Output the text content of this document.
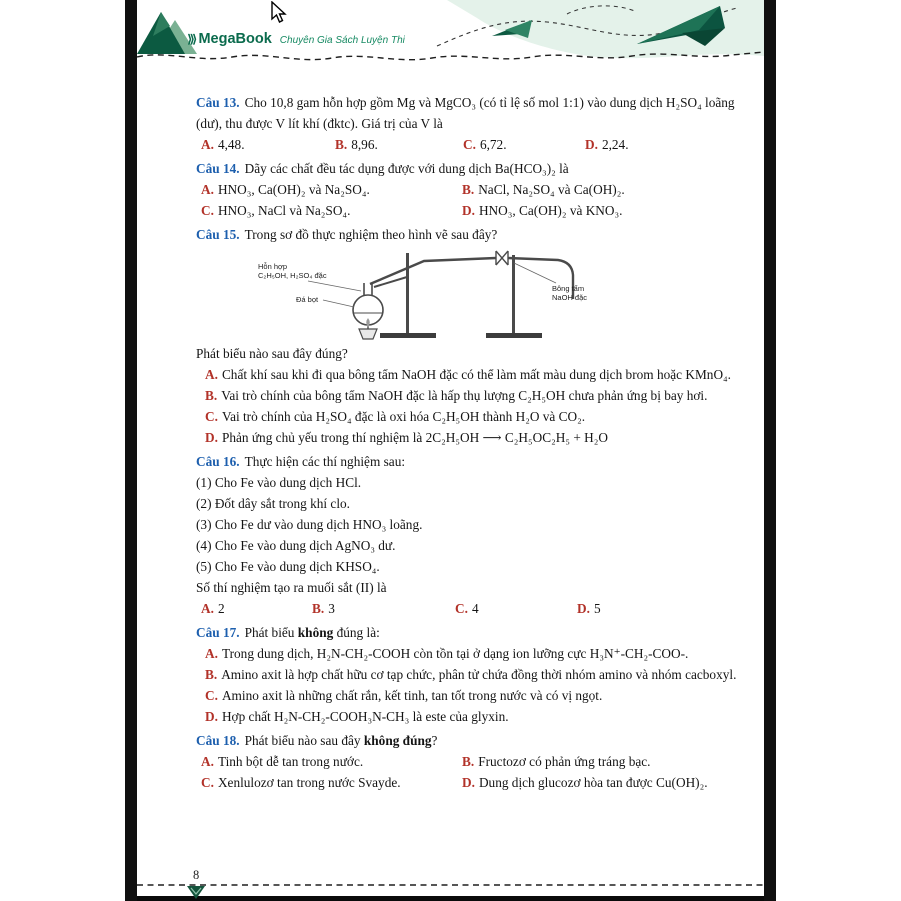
⟩⟩⟩ MegaBook Chuyên Gia Sách Luyện Thi

Câu 13. Cho 10,8 gam hỗn hợp gồm Mg và MgCO₃ (có tỉ lệ số mol 1:1) vào dung dịch H₂SO₄ loãng (dư), thu được V lít khí (đktc). Giá trị của V là

A. 4,48.	B. 8,96.	C. 6,72.	D. 2,24.

Câu 14. Dãy các chất đều tác dụng được với dung dịch Ba(HCO₃)₂ là

A. HNO₃, Ca(OH)₂ và Na₂SO₄.	B. NaCl, Na₂SO₄ và Ca(OH)₂.
C. HNO₃, NaCl và Na₂SO₄.	D. HNO₃, Ca(OH)₂ và KNO₃.

Câu 15. Trong sơ đồ thực nghiệm theo hình vẽ sau đây?

Hỗn hợp
C₂H₅OH, H₂SO₄ đặc
Đá bọt
Bông tẩm
NaOH đặc

Phát biểu nào sau đây đúng?

A. Chất khí sau khi đi qua bông tẩm NaOH đặc có thể làm mất màu dung dịch brom hoặc KMnO₄.

B. Vai trò chính của bông tẩm NaOH đặc là hấp thụ lượng C₂H₅OH chưa phản ứng bị bay hơi.

C. Vai trò chính của H₂SO₄ đặc là oxi hóa C₂H₅OH thành H₂O và CO₂.

D. Phản ứng chủ yếu trong thí nghiệm là 2C₂H₅OH ⟶ C₂H₅OC₂H₅ + H₂O

Câu 16. Thực hiện các thí nghiệm sau:

(1) Cho Fe vào dung dịch HCl.

(2) Đốt dây sắt trong khí clo.

(3) Cho Fe dư vào dung dịch HNO₃ loãng.

(4) Cho Fe vào dung dịch AgNO₃ dư.

(5) Cho Fe vào dung dịch KHSO₄.

Số thí nghiệm tạo ra muối sắt (II) là

A. 2	B. 3	C. 4	D. 5

Câu 17. Phát biểu không đúng là:

A. Trong dung dịch, H₂N-CH₂-COOH còn tồn tại ở dạng ion lưỡng cực H₃N⁺-CH₂-COO-.

B. Amino axit là hợp chất hữu cơ tạp chức, phân tử chứa đồng thời nhóm amino và nhóm cacboxyl.

C. Amino axit là những chất rắn, kết tinh, tan tốt trong nước và có vị ngọt.

D. Hợp chất H₂N-CH₂-COOH₃N-CH₃ là este của glyxin.

Câu 18. Phát biểu nào sau đây không đúng?

A. Tinh bột dễ tan trong nước.	B. Fructozơ có phản ứng tráng bạc.
C. Xenlulozơ tan trong nước Svayde.	D. Dung dịch glucozơ hòa tan được Cu(OH)₂.
8
